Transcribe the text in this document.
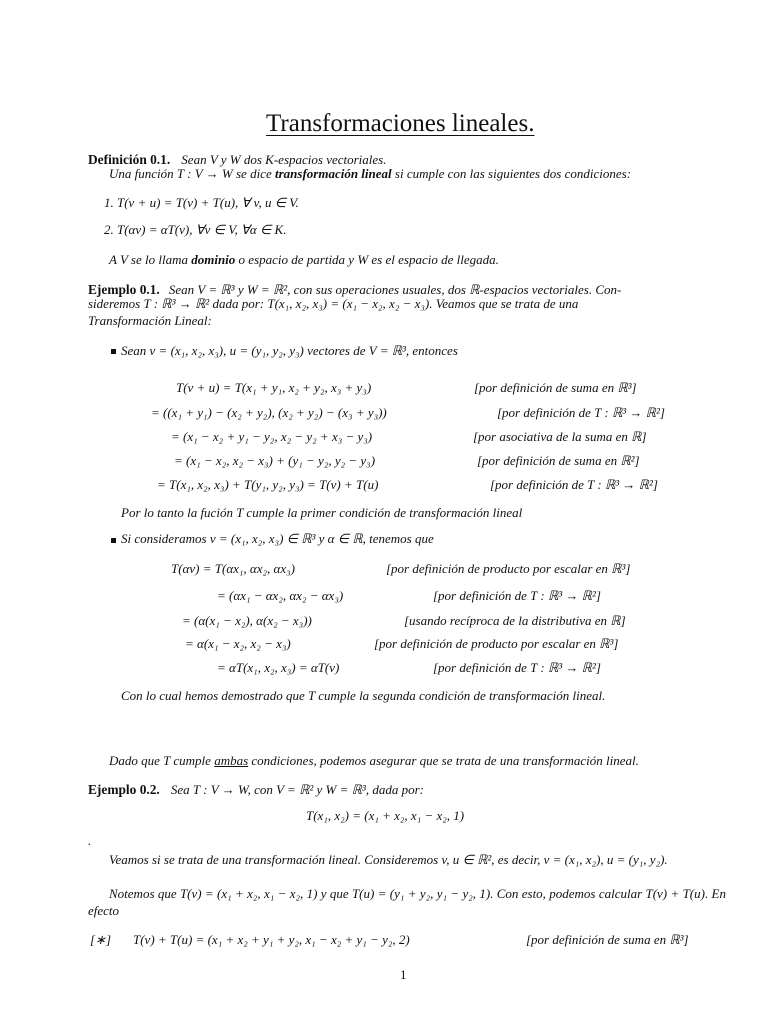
Transformaciones lineales.
Definición 0.1. Sean V y W dos K-espacios vectoriales.
Una función T : V → W se dice transformación lineal si cumple con las siguientes dos condiciones:
1. T(v + u) = T(v) + T(u), ∀ v, u ∈ V.
2. T(αv) = αT(v), ∀v ∈ V, ∀α ∈ K.
A V se lo llama dominio o espacio de partida y W es el espacio de llegada.
Ejemplo 0.1. Sean V = ℝ³ y W = ℝ², con sus operaciones usuales, dos ℝ-espacios vectoriales. Con-
sideremos T : ℝ³ → ℝ² dada por: T(x₁, x₂, x₃) = (x₁ − x₂, x₂ − x₃). Veamos que se trata de una
Transformación Lineal:
Sean v = (x₁, x₂, x₃), u = (y₁, y₂, y₃) vectores de V = ℝ³, entonces
T(v + u) = T(x₁ + y₁, x₂ + y₂, x₃ + y₃)	[por definición de suma en ℝ³]
= ((x₁ + y₁) − (x₂ + y₂), (x₂ + y₂) − (x₃ + y₃))	[por definición de T : ℝ³ → ℝ²]
= (x₁ − x₂ + y₁ − y₂, x₂ − y₂ + x₃ − y₃)	[por asociativa de la suma en ℝ]
= (x₁ − x₂, x₂ − x₃) + (y₁ − y₂, y₂ − y₃)	[por definición de suma en ℝ²]
= T(x₁, x₂, x₃) + T(y₁, y₂, y₃) = T(v) + T(u)	[por definición de T : ℝ³ → ℝ²]
Por lo tanto la fución T cumple la primer condición de transformación lineal
Si consideramos v = (x₁, x₂, x₃) ∈ ℝ³ y α ∈ ℝ, tenemos que
T(αv) = T(αx₁, αx₂, αx₃)	[por definición de producto por escalar en ℝ³]
= (αx₁ − αx₂, αx₂ − αx₃)	[por definición de T : ℝ³ → ℝ²]
= (α(x₁ − x₂), α(x₂ − x₃))	[usando recíproca de la distributiva en ℝ]
= α(x₁ − x₂, x₂ − x₃)	[por definición de producto por escalar en ℝ³]
= αT(x₁, x₂, x₃) = αT(v)	[por definición de T : ℝ³ → ℝ²]
Con lo cual hemos demostrado que T cumple la segunda condición de transformación lineal.
Dado que T cumple ambas condiciones, podemos asegurar que se trata de una transformación lineal.
Ejemplo 0.2. Sea T : V → W, con V = ℝ² y W = ℝ³, dada por:
T(x₁, x₂) = (x₁ + x₂, x₁ − x₂, 1)
.
Veamos si se trata de una transformación lineal. Consideremos v, u ∈ ℝ², es decir, v = (x₁, x₂), u = (y₁, y₂).
Notemos que T(v) = (x₁ + x₂, x₁ − x₂, 1) y que T(u) = (y₁ + y₂, y₁ − y₂, 1). Con esto, podemos calcular T(v) + T(u). En efecto
[∗] T(v) + T(u) = (x₁ + x₂ + y₁ + y₂, x₁ − x₂ + y₁ − y₂, 2)	[por definición de suma en ℝ³]
1
